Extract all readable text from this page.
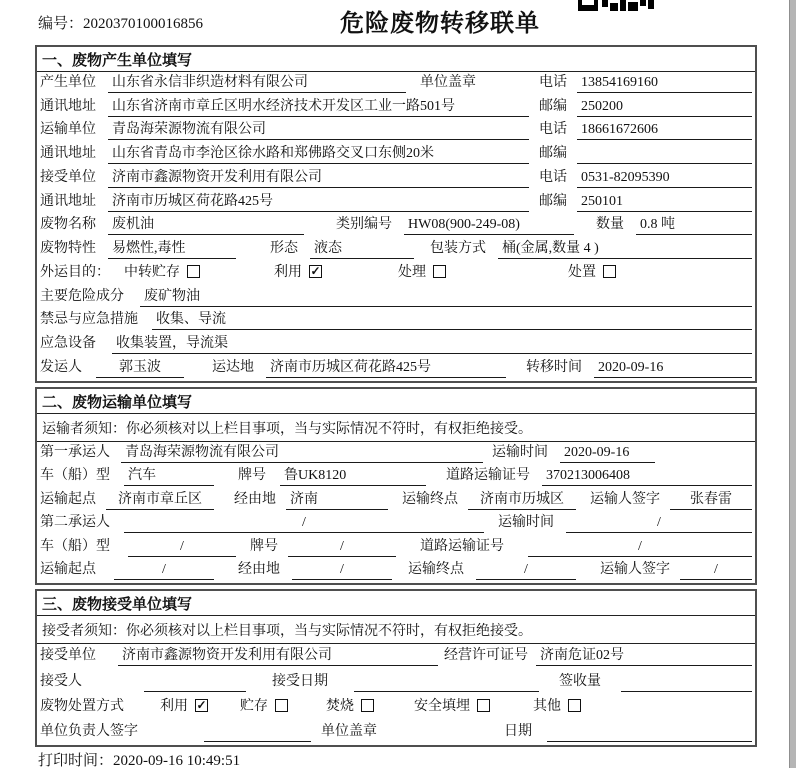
编号：2020370100016856	危险废物转移联单
一、废物产生单位填写
产生单位 山东省永信非织造材料有限公司	单位盖章	电话 13854169160
通讯地址 山东省济南市章丘区明水经济技术开发区工业一路501号	邮编 250200
运输单位 青岛海荣源物流有限公司	电话 18661672606
通讯地址 山东省青岛市李沧区徐水路和郑佛路交叉口东侧20米	邮编
接受单位 济南市鑫源物资开发利用有限公司	电话 0531-82095390
通讯地址 济南市历城区荷花路425号	邮编 250101
废物名称 废机油	类别编号 HW08(900-249-08)	数量 0.8 吨
废物特性 易燃性,毒性	形态 液态	包装方式 桶(金属,数量 4 )
外运目的： 中转贮存	利用 ✓	处理	处置
主要危险成分 废矿物油
禁忌与应急措施 收集、导流
应急设备 收集装置，导流渠
发运人	郭玉波	运达地 济南市历城区荷花路425号	转移时间 2020-09-16
二、废物运输单位填写
运输者须知：你必须核对以上栏目事项，当与实际情况不符时，有权拒绝接受。
第一承运人 青岛海荣源物流有限公司	运输时间 2020-09-16
车（船）型 汽车	牌号 鲁UK8120	道路运输证号 370213006408
运输起点	济南市章丘区	经由地 济南	运输终点	济南市历城区	运输人签字	张春雷
第二承运人	/	运输时间	/
车（船）型	/	牌号	/	道路运输证号	/
运输起点	/	经由地	/	运输终点	/	运输人签字	/
三、废物接受单位填写
接受者须知：你必须核对以上栏目事项，当与实际情况不符时，有权拒绝接受。
接受单位 济南市鑫源物资开发利用有限公司	经营许可证号 济南危证02号
接受人	接受日期	签收量
废物处置方式	利用 ✓ 贮存	焚烧	安全填埋	其他
单位负责人签字	单位盖章	日期
打印时间：2020-09-16 10:49:51
